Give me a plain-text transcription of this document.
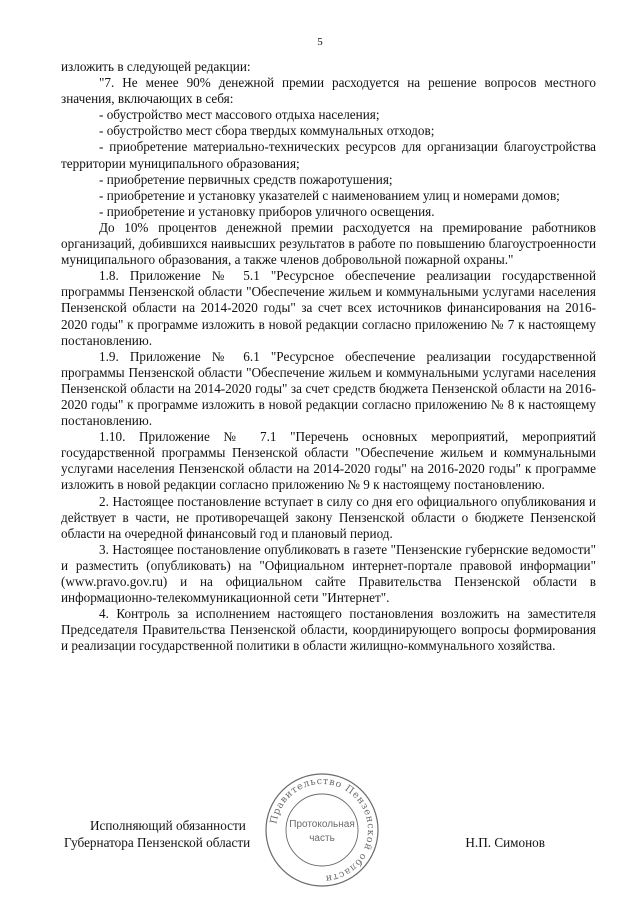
5

изложить в следующей редакции:

"7. Не менее 90% денежной премии расходуется на решение вопросов местного значения, включающих в себя:

- обустройство мест массового отдыха населения;

- обустройство мест сбора твердых коммунальных отходов;

- приобретение материально-технических ресурсов для организации благоустройства территории муниципального образования;

- приобретение первичных средств пожаротушения;

- приобретение и установку указателей с наименованием улиц и номерами домов;

- приобретение и установку приборов уличного освещения.

До 10% процентов денежной премии расходуется на премирование работников организаций, добившихся наивысших результатов в работе по повышению благоустроенности муниципального образования, а также членов добровольной пожарной охраны."

1.8. Приложение № 5.1 "Ресурсное обеспечение реализации государственной программы Пензенской области "Обеспечение жильем и коммунальными услугами населения Пензенской области на 2014-2020 годы" за счет всех источников финансирования на 2016-2020 годы" к программе изложить в новой редакции согласно приложению № 7 к настоящему постановлению.

1.9. Приложение № 6.1 "Ресурсное обеспечение реализации государственной программы Пензенской области "Обеспечение жильем и коммунальными услугами населения Пензенской области на 2014-2020 годы" за счет средств бюджета Пензенской области на 2016-2020 годы" к программе изложить в новой редакции согласно приложению № 8 к настоящему постановлению.

1.10. Приложение № 7.1 "Перечень основных мероприятий, мероприятий государственной программы Пензенской области "Обеспечение жильем и коммунальными услугами населения Пензенской области на 2014-2020 годы" на 2016-2020 годы" к программе изложить в новой редакции согласно приложению № 9 к настоящему постановлению.

2. Настоящее постановление вступает в силу со дня его официального опубликования и действует в части, не противоречащей закону Пензенской области о бюджете Пензенской области на очередной финансовый год и плановый период.

3. Настоящее постановление опубликовать в газете "Пензенские губернские ведомости" и разместить (опубликовать) на "Официальном интернет-портале правовой информации" (www.pravo.gov.ru) и на официальном сайте Правительства Пензенской области в информационно-телекоммуникационной сети "Интернет".

4. Контроль за исполнением настоящего постановления возложить на заместителя Председателя Правительства Пензенской области, координирующего вопросы формирования и реализации государственной политики в области жилищно-коммунального хозяйства.

Исполняющий обязанности
Губернатора Пензенской области	Н.П. Симонов
Правительство Пензенской области
Протокольная
часть
